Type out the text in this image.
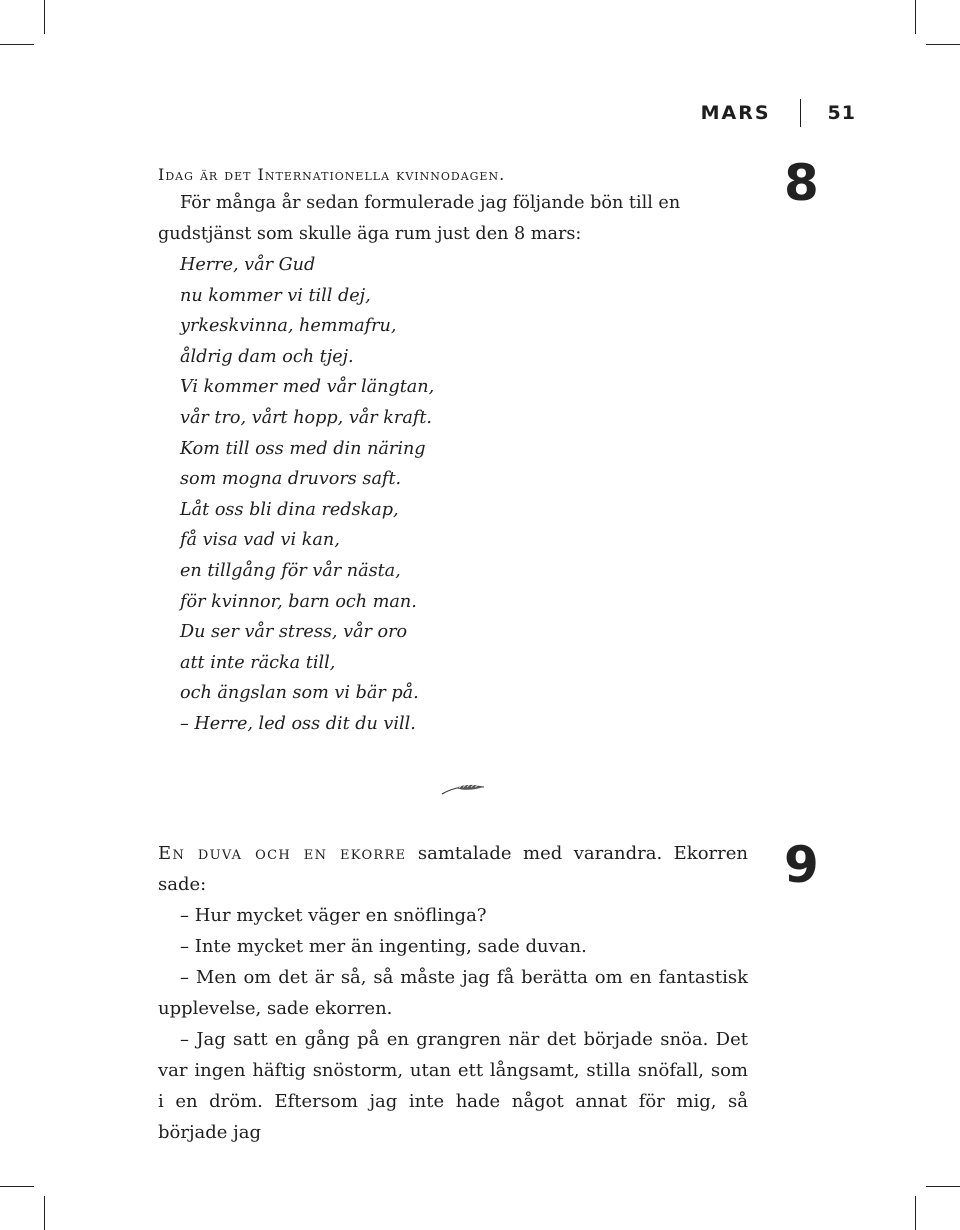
MARS	51
8

Idag är det Internationella kvinnodagen.

För många år sedan formulerade jag följande bön till en gudstjänst som skulle äga rum just den 8 mars:

Herre, vår Gud
nu kommer vi till dej,
yrkeskvinna, hemmafru,
åldrig dam och tjej.
Vi kommer med vår längtan,
vår tro, vårt hopp, vår kraft.
Kom till oss med din näring
som mogna druvors saft.
Låt oss bli dina redskap,
få visa vad vi kan,
en tillgång för vår nästa,
för kvinnor, barn och man.
Du ser vår stress, vår oro
att inte räcka till,
och ängslan som vi bär på.
– Herre, led oss dit du vill.
9

En duva och en ekorre samtalade med varandra. Ekorren sade:

– Hur mycket väger en snöflinga?

– Inte mycket mer än ingenting, sade duvan.

– Men om det är så, så måste jag få berätta om en fantastisk upplevelse, sade ekorren.

– Jag satt en gång på en grangren när det började snöa. Det var ingen häftig snöstorm, utan ett långsamt, stilla snöfall, som i en dröm. Eftersom jag inte hade något annat för mig, så började jag
